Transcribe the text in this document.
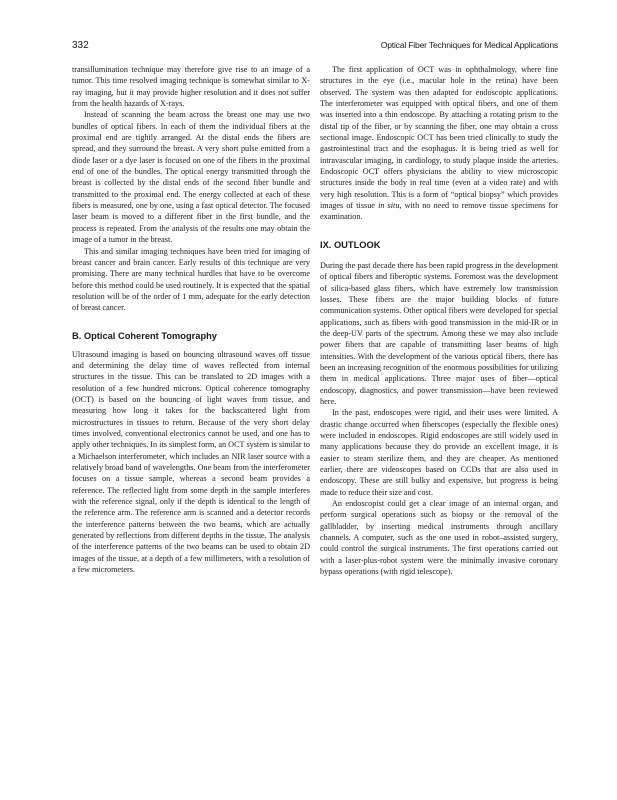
332	Optical Fiber Techniques for Medical Applications

transillumination technique may therefore give rise to an image of a tumor. This time resolved imaging technique is somewhat similar to X-ray imaging, but it may provide higher resolution and it does not suffer from the health hazards of X-rays.

Instead of scanning the beam across the breast one may use two bundles of optical fibers. In each of them the individual fibers at the proximal end are tightly arranged. At the distal ends the fibers are spread, and they surround the breast. A very short pulse emitted from a diode laser or a dye laser is focused on one of the fibers in the proximal end of one of the bundles. The optical energy transmitted through the breast is collected by the distal ends of the second fiber bundle and transmitted to the proximal end. The energy collected at each of these fibers is measured, one by one, using a fast optical detector. The focused laser beam is moved to a different fiber in the first bundle, and the process is repeated. From the analysis of the results one may obtain the image of a tumor in the breast.

This and similar imaging techniques have been tried for imaging of breast cancer and brain cancer. Early results of this technique are very promising. There are many technical hurdles that have to be overcome before this method could be used routinely. It is expected that the spatial resolution will be of the order of 1 mm, adequate for the early detection of breast cancer.

B. Optical Coherent Tomography

Ultrasound imaging is based on bouncing ultrasound waves off tissue and determining the delay time of waves reflected from internal structures in the tissue. This can be translated to 2D images with a resolution of a few hundred microns. Optical coherence tomography (OCT) is based on the bouncing of light waves from tissue, and measuring how long it takes for the backscattered light from microstructures in tissues to return. Because of the very short delay times involved, conventional electronics cannot be used, and one has to apply other techniques. In its simplest form, an OCT system is similar to a Michaelson interferometer, which includes an NIR laser source with a relatively broad band of wavelengths. One beam from the interferometer focuses on a tissue sample, whereas a second beam provides a reference. The reflected light from some depth in the sample interferes with the reference signal, only if the depth is identical to the length of the reference arm. The reference arm is scanned and a detector records the interference patterns between the two beams, which are actually generated by reflections from different depths in the tissue. The analysis of the interference patterns of the two beams can be used to obtain 2D images of the tissue, at a depth of a few millimeters, with a resolution of a few micrometers.

The first application of OCT was in ophthalmology, where fine structures in the eye (i.e., macular hole in the retina) have been observed. The system was then adapted for endoscopic applications. The interferometer was equipped with optical fibers, and one of them was inserted into a thin endoscope. By attaching a rotating prism to the distal tip of the fiber, or by scanning the fiber, one may obtain a cross sectional image. Endoscopic OCT has been tried clinically to study the gastrointestinal tract and the esophagus. It is being tried as well for intravascular imaging, in cardiology, to study plaque inside the arteries. Endoscopic OCT offers physicians the ability to view microscopic structures inside the body in real time (even at a video rate) and with very high resolution. This is a form of “optical biopsy” which provides images of tissue in situ, with no need to remove tissue specimens for examination.

IX. OUTLOOK

During the past decade there has been rapid progress in the development of optical fibers and fiberoptic systems. Foremost was the development of silica-based glass fibers, which have extremely low transmission losses. These fibers are the major building blocks of future communication systems. Other optical fibers were developed for special applications, such as fibers with good transmission in the mid-IR or in the deep-UV parts of the spectrum. Among these we may also include power fibers that are capable of transmitting laser beams of high intensities. With the development of the various optical fibers, there has been an increasing recognition of the enormous possibilities for utilizing them in medical applications. Three major uses of fiber—optical endoscopy, diagnostics, and power transmission—have been reviewed here.

In the past, endoscopes were rigid, and their uses were limited. A drastic change occurred when fiberscopes (especially the flexible ones) were included in endoscopes. Rigid endoscopes are still widely used in many applications because they do provide an excellent image, it is easier to steam sterilize them, and they are cheaper. As mentioned earlier, there are videoscopes based on CCDs that are also used in endoscopy. These are still bulky and expensive, but progress is being made to reduce their size and cost.

An endoscopist could get a clear image of an internal organ, and perform surgical operations such as biopsy or the removal of the gallbladder, by inserting medical instruments through ancillary channels. A computer, such as the one used in robot–assisted surgery, could control the surgical instruments. The first operations carried out with a laser-plus-robot system were the minimally invasive coronary bypass operations (with rigid telescope).
